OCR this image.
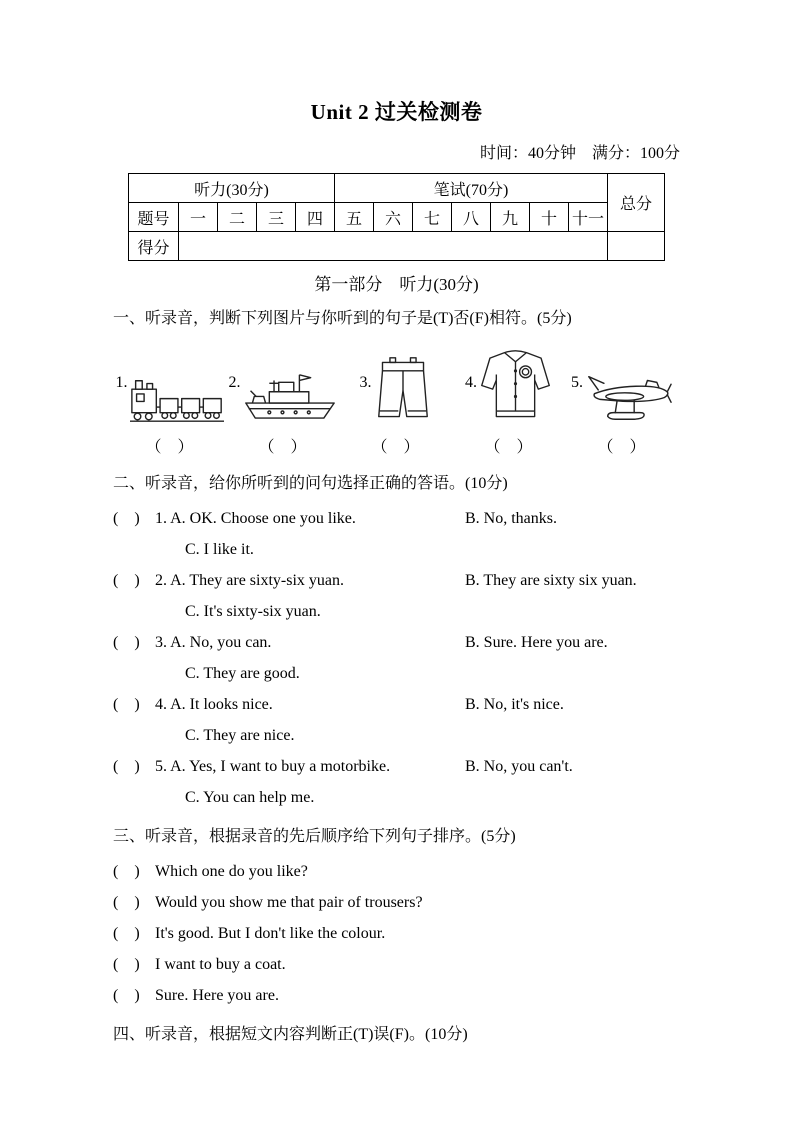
Unit 2 过关检测卷
时间：40分钟　满分：100分
听力(30分)					笔试(70分)							总分
题号	一	二	三	四	五	六	七	八	九	十	十一	
得分												
第一部分　听力(30分)
一、听录音，判断下列图片与你听到的句子是(T)否(F)相符。(5分)
1.
（　）
2.
（　）
3.
（　）
4.
（　）
5.
（　）
二、听录音，给你所听到的问句选择正确的答语。(10分)
(　) 1. A. OK. Choose one you like.	B. No, thanks.
C. I like it.
(　) 2. A. They are sixty-six yuan.	B. They are sixty six yuan.
C. It's sixty-six yuan.
(　) 3. A. No, you can.	B. Sure. Here you are.
C. They are good.
(　) 4. A. It looks nice.	B. No, it's nice.
C. They are nice.
(　) 5. A. Yes, I want to buy a motorbike.	B. No, you can't.
C. You can help me.
三、听录音，根据录音的先后顺序给下列句子排序。(5分)
(　) Which one do you like?
(　) Would you show me that pair of trousers?
(　) It's good. But I don't like the colour.
(　) I want to buy a coat.
(　) Sure. Here you are.
四、听录音，根据短文内容判断正(T)误(F)。(10分)
